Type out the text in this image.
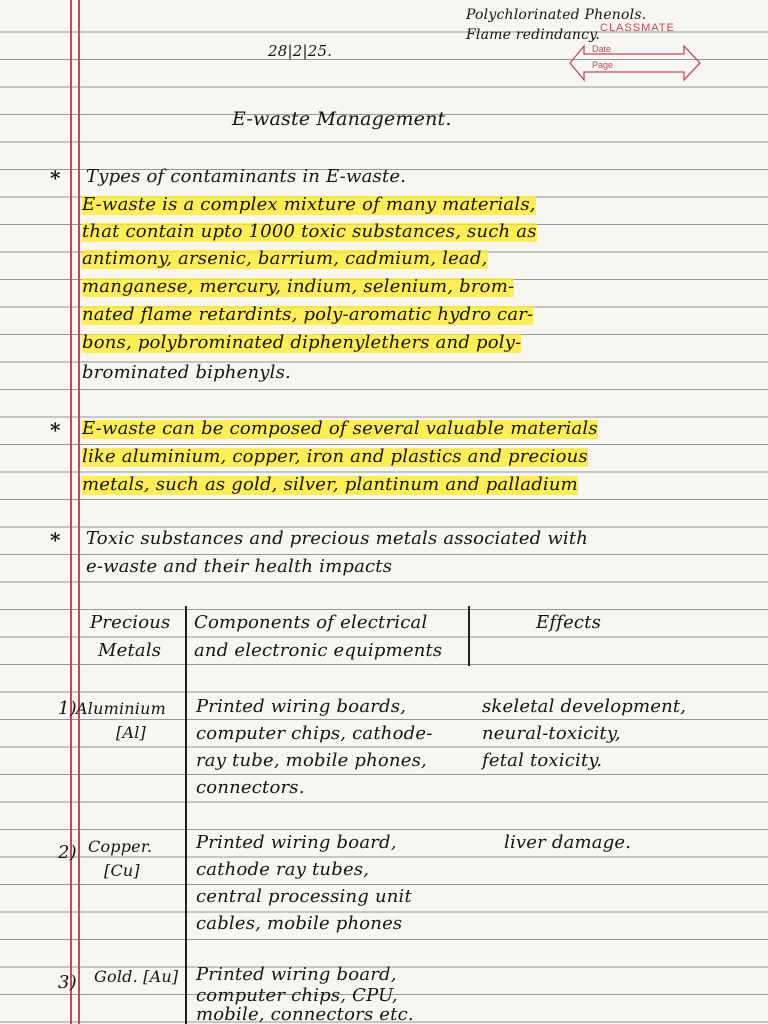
Polychlorinated Phenols.
Flame redindancy. CLASSMATE
Date
Page
28|2|25.
E-waste Management.
* Types of contaminants in E-waste.
E-waste is a complex mixture of many materials,
that contain upto 1000 toxic substances, such as
antimony, arsenic, barrium, cadmium, lead,
manganese, mercury, indium, selenium, brom-
nated flame retardints, poly-aromatic hydro car-
bons, polybrominated diphenylethers and poly-
brominated biphenyls.
* E-waste can be composed of several valuable materials
like aluminium, copper, iron and plastics and precious
metals, such as gold, silver, plantinum and palladium
* Toxic substances and precious metals associated with
e-waste and their health impacts
Precious
Metals
Components of electrical
and electronic equipments
Effects
1) Aluminium
[Al]
Printed wiring boards,
computer chips, cathode-
ray tube, mobile phones,
connectors.
skeletal development,
neural-toxicity,
fetal toxicity.
2) Copper.
[Cu]
Printed wiring board,
cathode ray tubes,
central processing unit
cables, mobile phones
liver damage.
3) Gold. [Au] Printed wiring board,
computer chips, CPU,
mobile, connectors etc.
